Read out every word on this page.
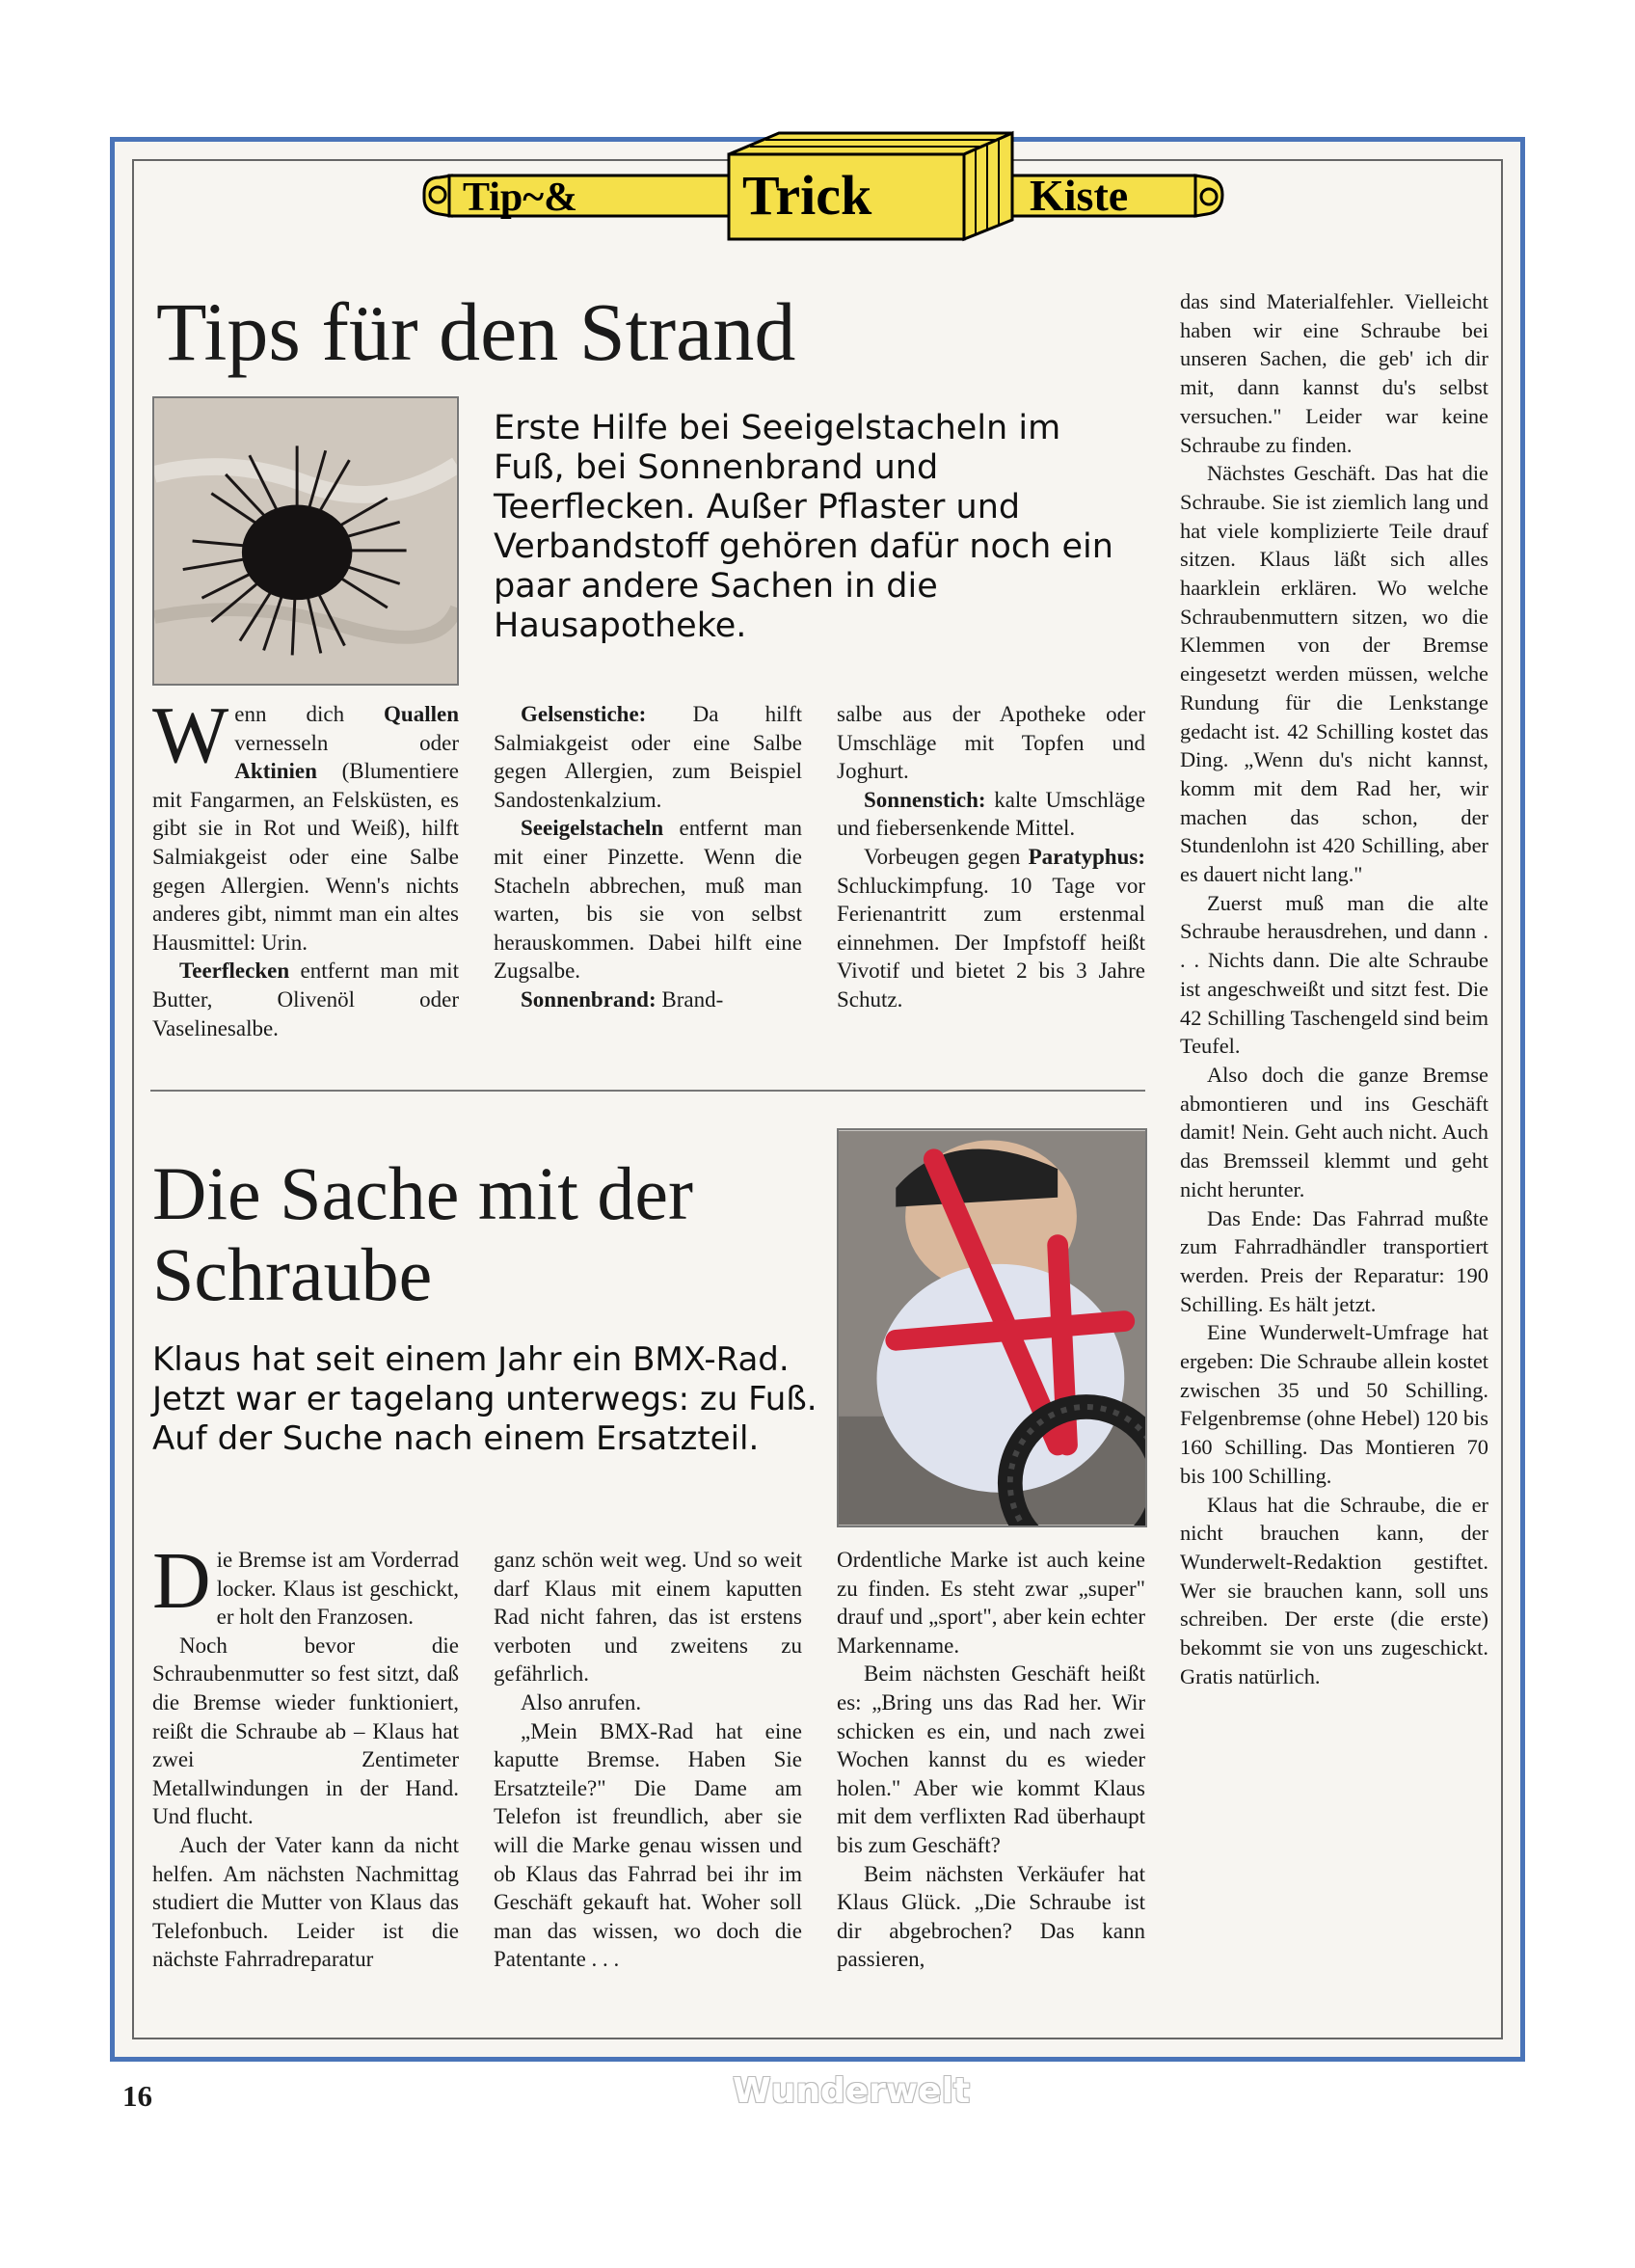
Tip~&	Trick	Kiste
Tips für den Strand

Erste Hilfe bei Seeigelstacheln im Fuß, bei Sonnenbrand und Teerflecken. Außer Pflaster und Verbandstoff gehören dafür noch ein paar andere Sachen in die Hausapotheke.

Wenn dich Quallen vernesseln oder Aktinien (Blumentiere mit Fangarmen, an Felsküsten, es gibt sie in Rot und Weiß), hilft Salmiakgeist oder eine Salbe gegen Allergien. Wenn's nichts anderes gibt, nimmt man ein altes Hausmittel: Urin.

Teerflecken entfernt man mit Butter, Olivenöl oder Vaselinesalbe.

Gelsenstiche: Da hilft Salmiakgeist oder eine Salbe gegen Allergien, zum Beispiel Sandostenkalzium.

Seeigelstacheln entfernt man mit einer Pinzette. Wenn die Stacheln abbrechen, muß man warten, bis sie von selbst herauskommen. Dabei hilft eine Zugsalbe.

Sonnenbrand: Brand-

salbe aus der Apotheke oder Umschläge mit Topfen und Joghurt.

Sonnenstich: kalte Umschläge und fiebersenkende Mittel.

Vorbeugen gegen Paratyphus: Schluckimpfung. 10 Tage vor Ferienantritt zum erstenmal einnehmen. Der Impfstoff heißt Vivotif und bietet 2 bis 3 Jahre Schutz.

Die Sache mit der Schraube

Klaus hat seit einem Jahr ein BMX-Rad. Jetzt war er tagelang unterwegs: zu Fuß. Auf der Suche nach einem Ersatzteil.

Die Bremse ist am Vorderrad locker. Klaus ist geschickt, er holt den Franzosen.

Noch bevor die Schraubenmutter so fest sitzt, daß die Bremse wieder funktioniert, reißt die Schraube ab – Klaus hat zwei Zentimeter Metallwindungen in der Hand. Und flucht.

Auch der Vater kann da nicht helfen. Am nächsten Nachmittag studiert die Mutter von Klaus das Telefonbuch. Leider ist die nächste Fahrradreparatur

ganz schön weit weg. Und so weit darf Klaus mit einem kaputten Rad nicht fahren, das ist erstens verboten und zweitens zu gefährlich.

Also anrufen.

„Mein BMX-Rad hat eine kaputte Bremse. Haben Sie Ersatzteile?" Die Dame am Telefon ist freundlich, aber sie will die Marke genau wissen und ob Klaus das Fahrrad bei ihr im Geschäft gekauft hat. Woher soll man das wissen, wo doch die Patentante . . .

Ordentliche Marke ist auch keine zu finden. Es steht zwar „super" drauf und „sport", aber kein echter Markenname.

Beim nächsten Geschäft heißt es: „Bring uns das Rad her. Wir schicken es ein, und nach zwei Wochen kannst du es wieder holen." Aber wie kommt Klaus mit dem verflixten Rad überhaupt bis zum Geschäft?

Beim nächsten Verkäufer hat Klaus Glück. „Die Schraube ist dir abgebrochen? Das kann passieren,

das sind Materialfehler. Vielleicht haben wir eine Schraube bei unseren Sachen, die geb' ich dir mit, dann kannst du's selbst versuchen." Leider war keine Schraube zu finden.

Nächstes Geschäft. Das hat die Schraube. Sie ist ziemlich lang und hat viele komplizierte Teile drauf sitzen. Klaus läßt sich alles haarklein erklären. Wo welche Schraubenmuttern sitzen, wo die Klemmen von der Bremse eingesetzt werden müssen, welche Rundung für die Lenkstange gedacht ist. 42 Schilling kostet das Ding. „Wenn du's nicht kannst, komm mit dem Rad her, wir machen das schon, der Stundenlohn ist 420 Schilling, aber es dauert nicht lang."

Zuerst muß man die alte Schraube herausdrehen, und dann . . . Nichts dann. Die alte Schraube ist angeschweißt und sitzt fest. Die 42 Schilling Taschengeld sind beim Teufel.

Also doch die ganze Bremse abmontieren und ins Geschäft damit! Nein. Geht auch nicht. Auch das Bremsseil klemmt und geht nicht herunter.

Das Ende: Das Fahrrad mußte zum Fahrradhändler transportiert werden. Preis der Reparatur: 190 Schilling. Es hält jetzt.

Eine Wunderwelt-Umfrage hat ergeben: Die Schraube allein kostet zwischen 35 und 50 Schilling. Felgenbremse (ohne Hebel) 120 bis 160 Schilling. Das Montieren 70 bis 100 Schilling.

Klaus hat die Schraube, die er nicht brauchen kann, der Wunderwelt-Redaktion gestiftet. Wer sie brauchen kann, soll uns schreiben. Der erste (die erste) bekommt sie von uns zugeschickt. Gratis natürlich.

16	Wunderwelt
